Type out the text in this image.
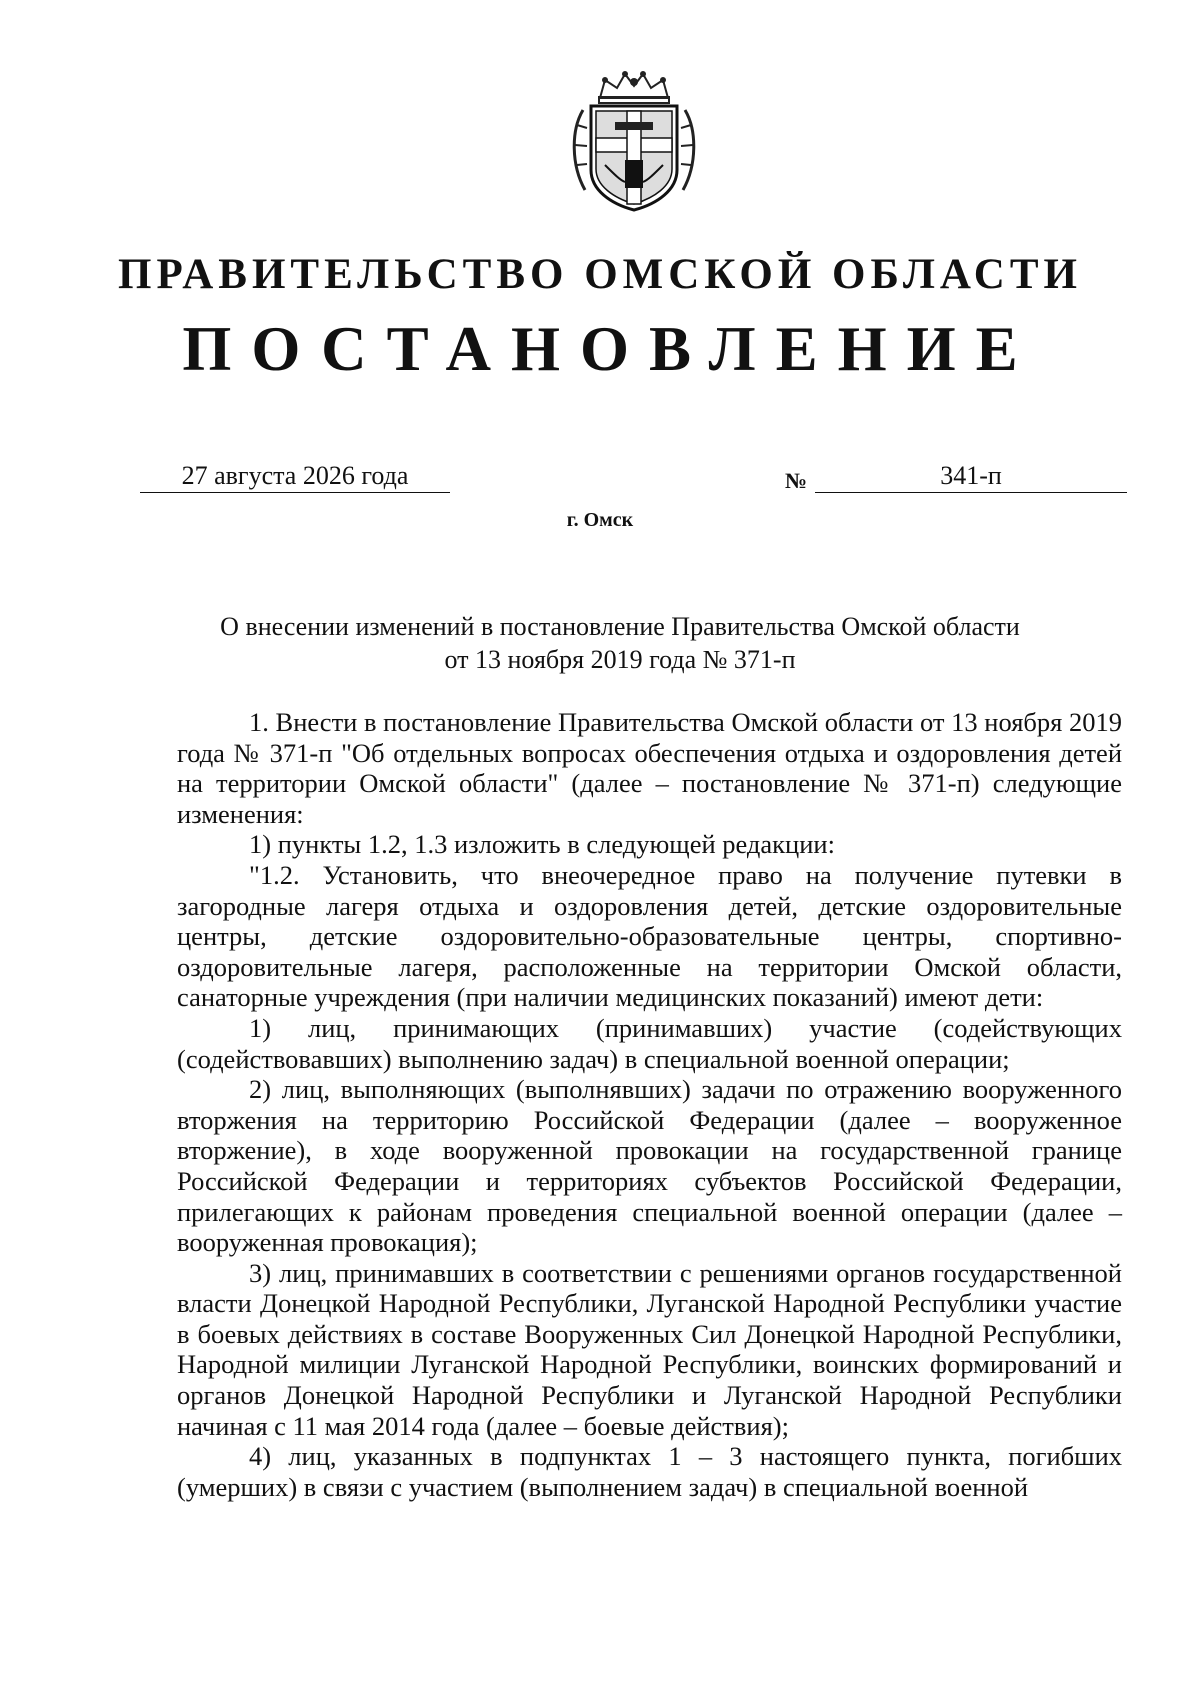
ПРАВИТЕЛЬСТВО ОМСКОЙ ОБЛАСТИ
ПОСТАНОВЛЕНИЕ
27 августа 2026 года	№	341-п
г. Омск
О внесении изменений в постановление Правительства Омской области
от 13 ноября 2019 года № 371-п

1. Внести в постановление Правительства Омской области от 13 ноября 2019 года № 371-п "Об отдельных вопросах обеспечения отдыха и оздоровления детей на территории Омской области" (далее – постановление № 371-п) следующие изменения:

1) пункты 1.2, 1.3 изложить в следующей редакции:

"1.2. Установить, что внеочередное право на получение путевки в загородные лагеря отдыха и оздоровления детей, детские оздоровительные центры, детские оздоровительно-образовательные центры, спортивно-оздоровительные лагеря, расположенные на территории Омской области, санаторные учреждения (при наличии медицинских показаний) имеют дети:

1) лиц, принимающих (принимавших) участие (содействующих (содействовавших) выполнению задач) в специальной военной операции;

2) лиц, выполняющих (выполнявших) задачи по отражению вооруженного вторжения на территорию Российской Федерации (далее – вооруженное вторжение), в ходе вооруженной провокации на государственной границе Российской Федерации и территориях субъектов Российской Федерации, прилегающих к районам проведения специальной военной операции (далее – вооруженная провокация);

3) лиц, принимавших в соответствии с решениями органов государственной власти Донецкой Народной Республики, Луганской Народной Республики участие в боевых действиях в составе Вооруженных Сил Донецкой Народной Республики, Народной милиции Луганской Народной Республики, воинских формирований и органов Донецкой Народной Республики и Луганской Народной Республики начиная с 11 мая 2014 года (далее – боевые действия);

4) лиц, указанных в подпунктах 1 – 3 настоящего пункта, погибших (умерших) в связи с участием (выполнением задач) в специальной военной
